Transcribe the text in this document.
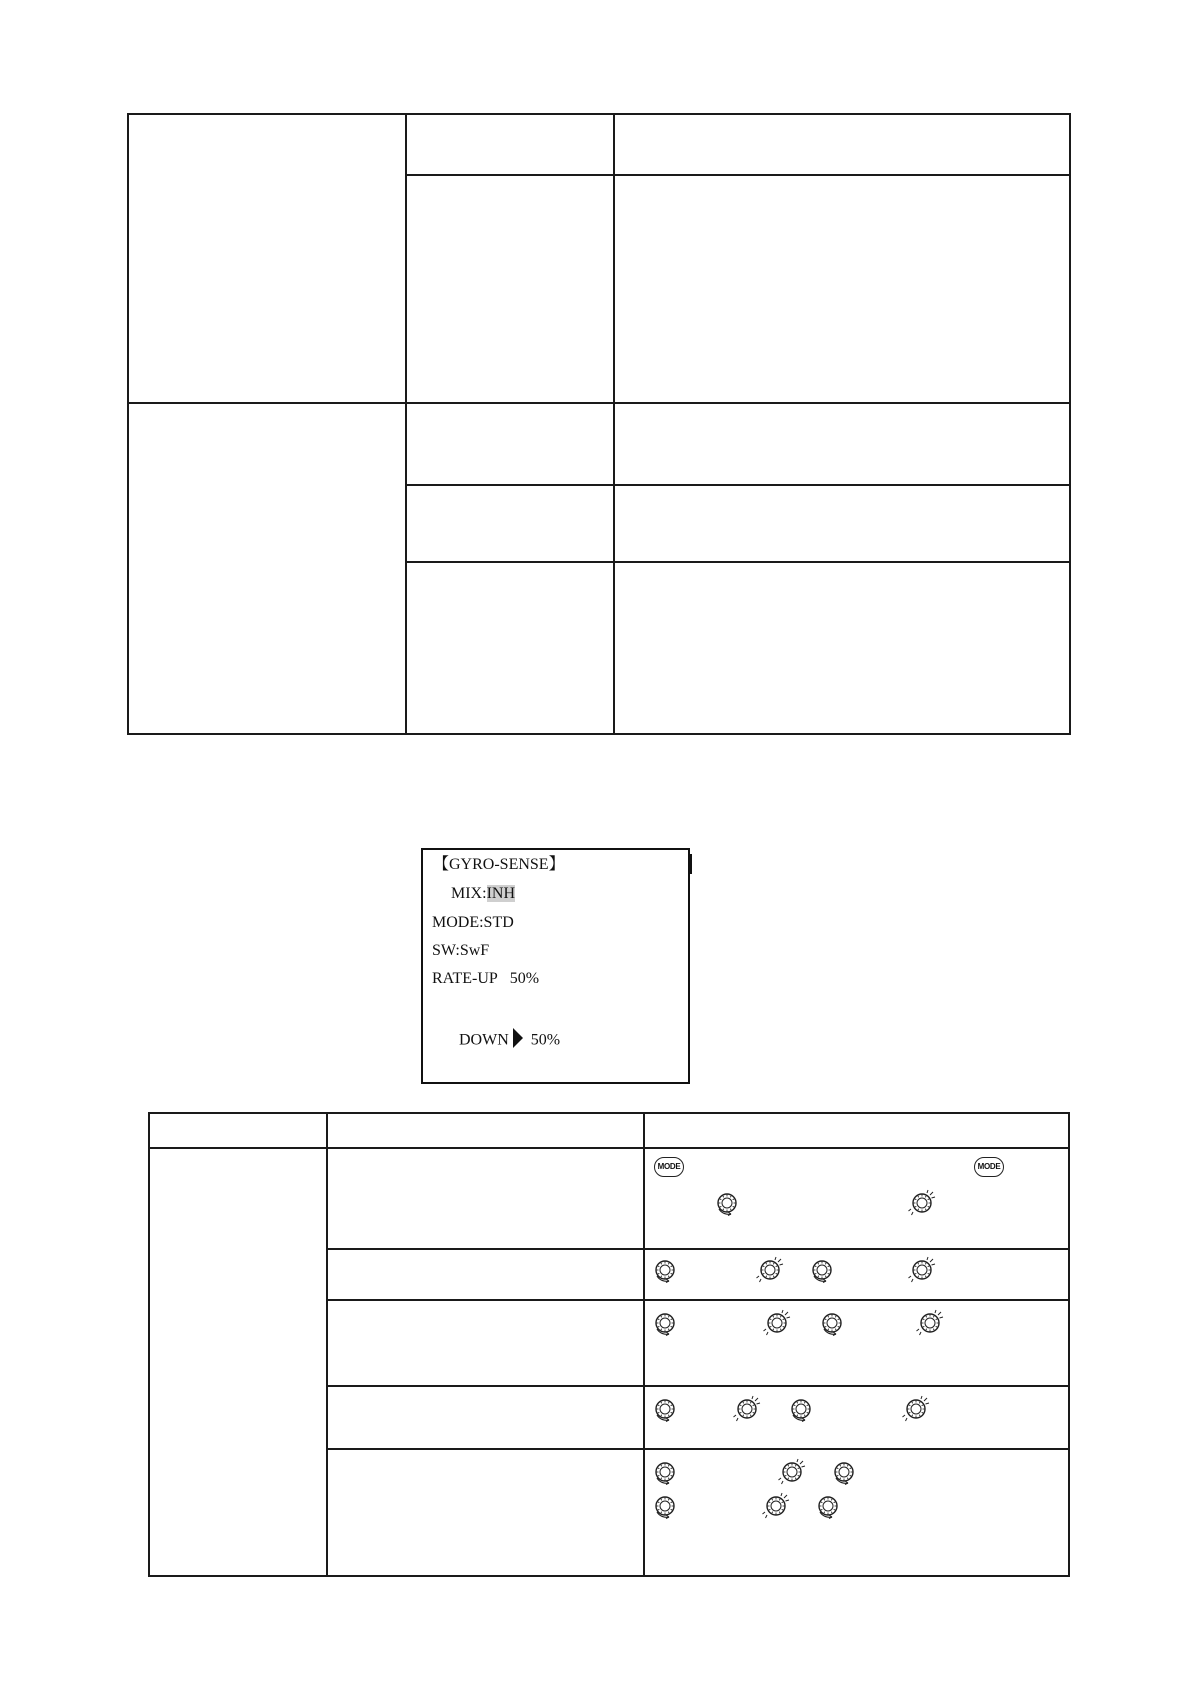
【GYRO-SENSE】
MIX:INH
MODE:STD
SW:SwF
RATE-UP 50%
DOWN 50%
MODE	MODE
